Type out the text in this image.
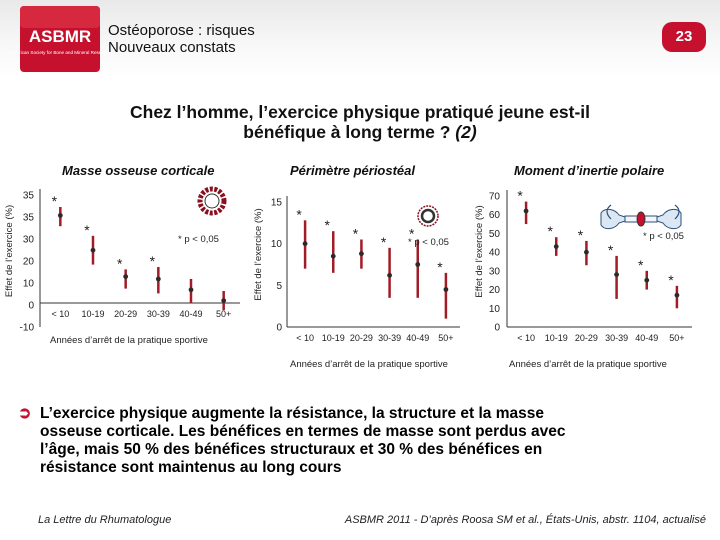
ASBMR
American Society for Bone and Mineral Research
Ostéoporose : risques
Nouveaux constats
23
Chez l’homme, l’exercice physique pratiqué jeune est-il
bénéfique à long terme ? (2)
Masse osseuse corticale	Périmètre périostéal	Moment d’inertie polaire
35
35
30
20
10
0
-10
< 10 10-19 20-29 30-39 40-49 50+
Effet de l’exercice (%)
Années d’arrêt de la pratique sportive
*
*
* *
* p < 0,05
15
10
5
0
< 10 10-19 20-29 30-39 40-49 50+
Effet de l’exercice (%)
Années d’arrêt de la pratique sportive
*
*
*
*
*
*
* p < 0,05
70
60
50
40
30
20
10
0
< 10 10-19 20-29 30-39 40-49 50+
Effet de l’exercice (%)
Années d’arrêt de la pratique sportive
*
* *
*
*
*
* p < 0,05
➲ L’exercice physique augmente la résistance, la structure et la masse
osseuse corticale. Les bénéfices en termes de masse sont perdus avec
l’âge, mais 50 % des bénéfices structuraux et 30 % des bénéfices en
résistance sont maintenus au long cours
La Lettre du Rhumatologue	ASBMR 2011 - D’après Roosa SM et al., États-Unis, abstr. 1104, actualisé
